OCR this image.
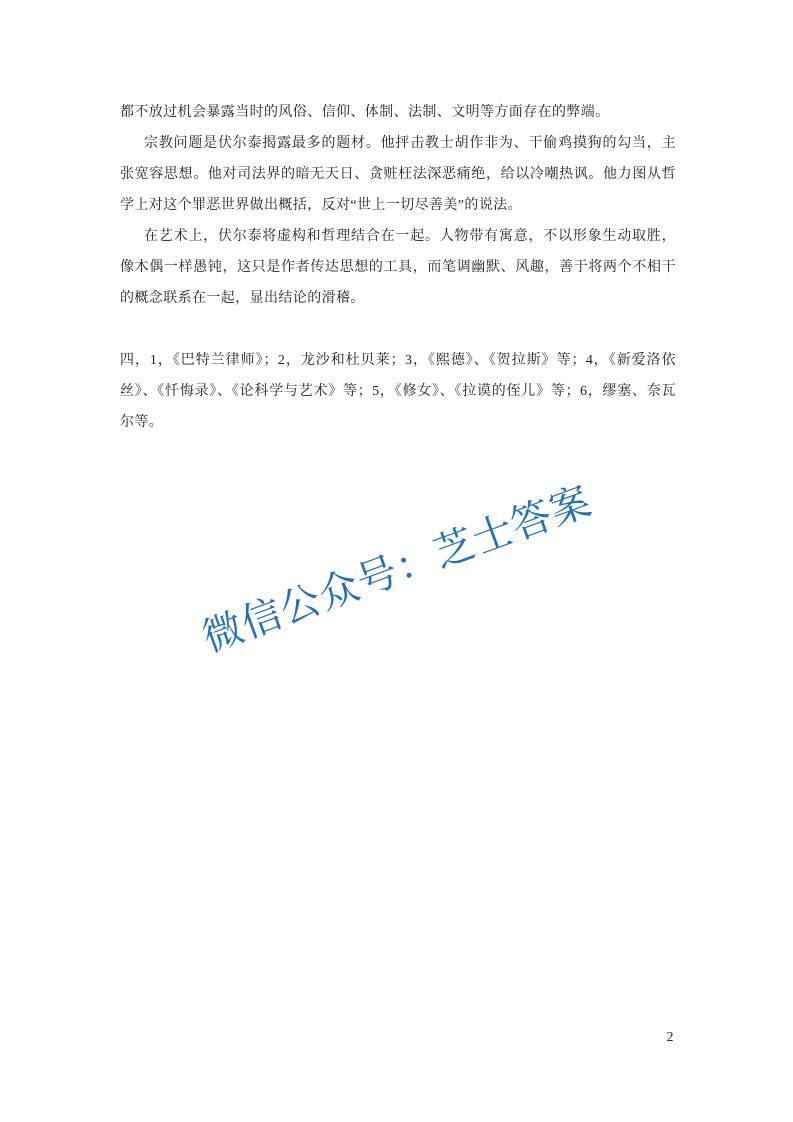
都不放过机会暴露当时的风俗、信仰、体制、法制、文明等方面存在的弊端。

宗教问题是伏尔泰揭露最多的题材。他抨击教士胡作非为、干偷鸡摸狗的勾当，主张宽容思想。他对司法界的暗无天日、贪赃枉法深恶痛绝，给以冷嘲热讽。他力图从哲学上对这个罪恶世界做出概括，反对“世上一切尽善美”的说法。

在艺术上，伏尔泰将虚构和哲理结合在一起。人物带有寓意，不以形象生动取胜，像木偶一样愚钝，这只是作者传达思想的工具，而笔调幽默、风趣，善于将两个不相干的概念联系在一起，显出结论的滑稽。

四，1，《巴特兰律师》；2，龙沙和杜贝莱；3，《熙德》、《贺拉斯》等；4，《新爱洛依丝》、《忏悔录》、《论科学与艺术》等；5，《修女》、《拉谟的侄儿》等；6，缪塞、奈瓦尔等。

微信公众号：芝士答案
2
